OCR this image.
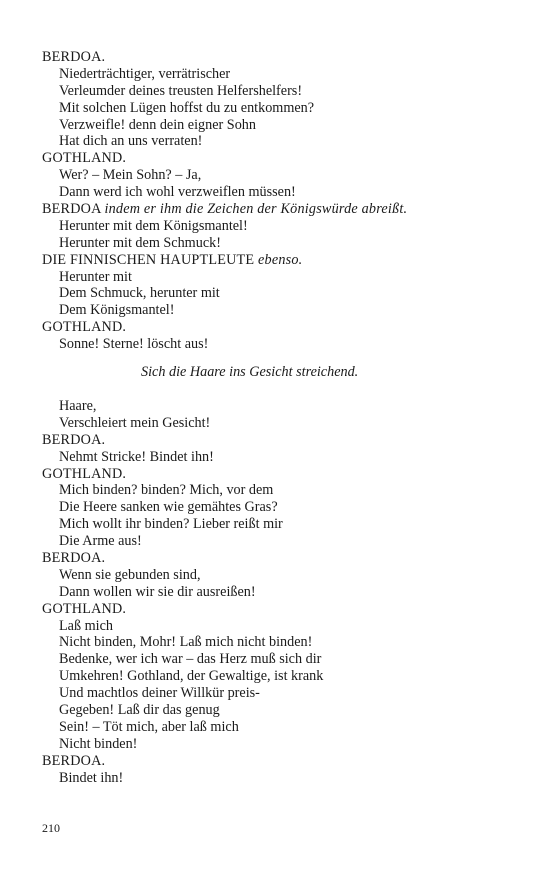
BERDOA.
Niederträchtiger, verrätrischer
Verleumder deines treusten Helfershelfers!
Mit solchen Lügen hoffst du zu entkommen?
Verzweifle! denn dein eigner Sohn
Hat dich an uns verraten!
GOTHLAND.
Wer? – Mein Sohn? – Ja,
Dann werd ich wohl verzweiflen müssen!
BERDOA indem er ihm die Zeichen der Königswürde abreißt.
Herunter mit dem Königsmantel!
Herunter mit dem Schmuck!
DIE FINNISCHEN HAUPTLEUTE ebenso.
Herunter mit
Dem Schmuck, herunter mit
Dem Königsmantel!
GOTHLAND.
Sonne! Sterne! löscht aus!
Sich die Haare ins Gesicht streichend.
Haare,
Verschleiert mein Gesicht!
BERDOA.
Nehmt Stricke! Bindet ihn!
GOTHLAND.
Mich binden? binden? Mich, vor dem
Die Heere sanken wie gemähtes Gras?
Mich wollt ihr binden? Lieber reißt mir
Die Arme aus!
BERDOA.
Wenn sie gebunden sind,
Dann wollen wir sie dir ausreißen!
GOTHLAND.
Laß mich
Nicht binden, Mohr! Laß mich nicht binden!
Bedenke, wer ich war – das Herz muß sich dir
Umkehren! Gothland, der Gewaltige, ist krank
Und machtlos deiner Willkür preis-
Gegeben! Laß dir das genug
Sein! – Töt mich, aber laß mich
Nicht binden!
BERDOA.
Bindet ihn!
210
